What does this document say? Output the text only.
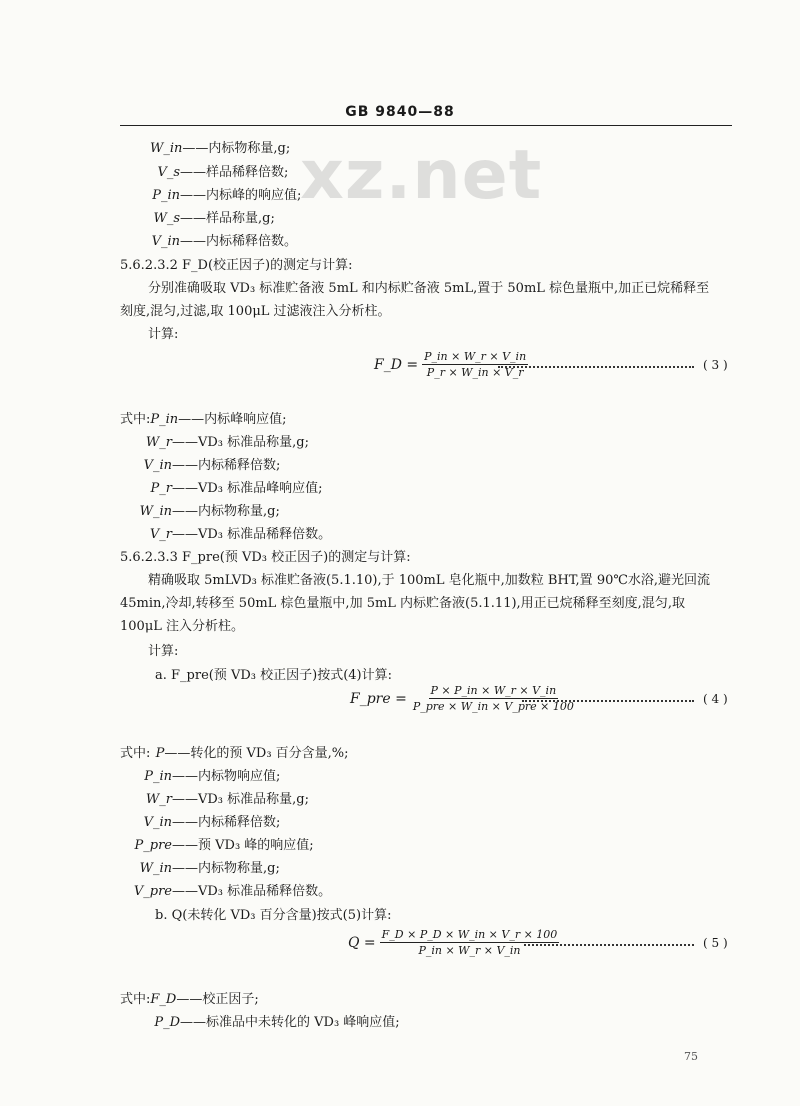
GB 9840—88
xz.net
W_in——内标物称量,g;
V_s——样品稀释倍数;
P_in——内标峰的响应值;
W_s——样品称量,g;
V_in——内标稀释倍数。
5.6.2.3.2 F_D(校正因子)的测定与计算:
分别准确吸取 VD₃ 标准贮备液 5mL 和内标贮备液 5mL,置于 50mL 棕色量瓶中,加正已烷稀释至
刻度,混匀,过滤,取 100μL 过滤液注入分析柱。
计算:
F_D = $\frac{P\_in \times W\_r \times V\_in}{P\_r \times W\_in \times V\_r}$	( 3 )
式中:P_in——内标峰响应值;
W_r——VD₃ 标准品称量,g;
V_in——内标稀释倍数;
P_r——VD₃ 标准品峰响应值;
W_in——内标物称量,g;
V_r——VD₃ 标准品稀释倍数。
5.6.2.3.3 F_pre(预 VD₃ 校正因子)的测定与计算:
精确吸取 5mLVD₃ 标准贮备液(5.1.10),于 100mL 皂化瓶中,加数粒 BHT,置 90℃水浴,避光回流
45min,冷却,转移至 50mL 棕色量瓶中,加 5mL 内标贮备液(5.1.11),用正已烷稀释至刻度,混匀,取
100μL 注入分析柱。
计算:
a. F_pre(预 VD₃ 校正因子)按式(4)计算:
F_pre = $\frac{P \times P\_in \times W\_r \times V\_in}{\text{P\_pre × W\_in × V\_pre × 100}}$	( 4 )
式中: P——转化的预 VD₃ 百分含量,%;
P_in——内标物响应值;
W_r——VD₃ 标准品称量,g;
V_in——内标稀释倍数;
P_pre——预 VD₃ 峰的响应值;
W_in——内标物称量,g;
V_pre——VD₃ 标准品稀释倍数。
b. Q(未转化 VD₃ 百分含量)按式(5)计算:
$Q = \frac{F\_D \times P\_D \times W\_in \times V\_r \times 100}{P\_in \times W\_r \times V\_in}$	( 5 )
式中:F_D——校正因子;
P_D——标准品中未转化的 VD₃ 峰响应值;
75
